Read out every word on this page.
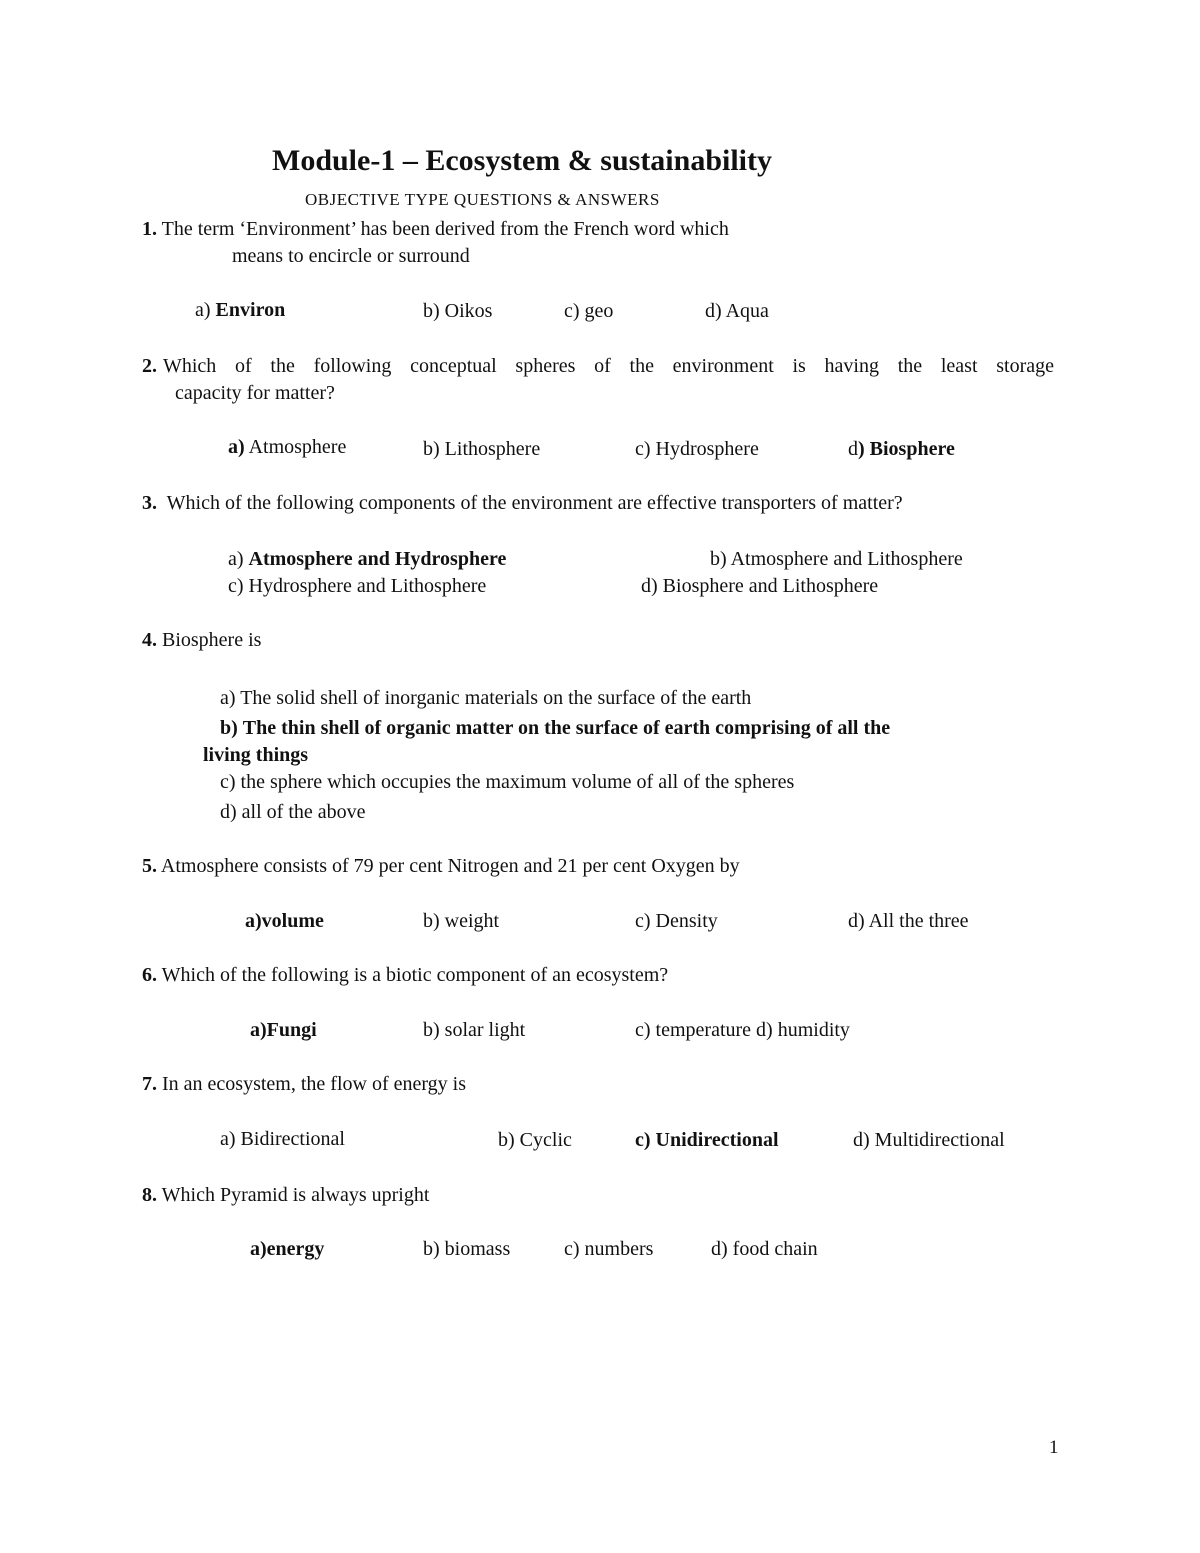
Module-1 – Ecosystem & sustainability
OBJECTIVE TYPE QUESTIONS & ANSWERS
1. The term ‘Environment’ has been derived from the French word which
means to encircle or surround
a) Environ	b) Oikos	c) geo	d) Aqua
2. Which of the following conceptual spheres of the environment is having the least storage
capacity for matter?
a) Atmosphere	b) Lithosphere	c) Hydrosphere	d) Biosphere
3. Which of the following components of the environment are effective transporters of matter?
a) Atmosphere and Hydrosphere	b) Atmosphere and Lithosphere
c) Hydrosphere and Lithosphere	d) Biosphere and Lithosphere
4. Biosphere is
a) The solid shell of inorganic materials on the surface of the earth
b) The thin shell of organic matter on the surface of earth comprising of all the
living things
c) the sphere which occupies the maximum volume of all of the spheres
d) all of the above
5. Atmosphere consists of 79 per cent Nitrogen and 21 per cent Oxygen by
a)volume	b) weight	c) Density	d) All the three
6. Which of the following is a biotic component of an ecosystem?
a)Fungi	b) solar light	c) temperature d) humidity
7. In an ecosystem, the flow of energy is
a) Bidirectional	b) Cyclic	c) Unidirectional	d) Multidirectional
8. Which Pyramid is always upright
a)energy	b) biomass	c) numbers	d) food chain
1
